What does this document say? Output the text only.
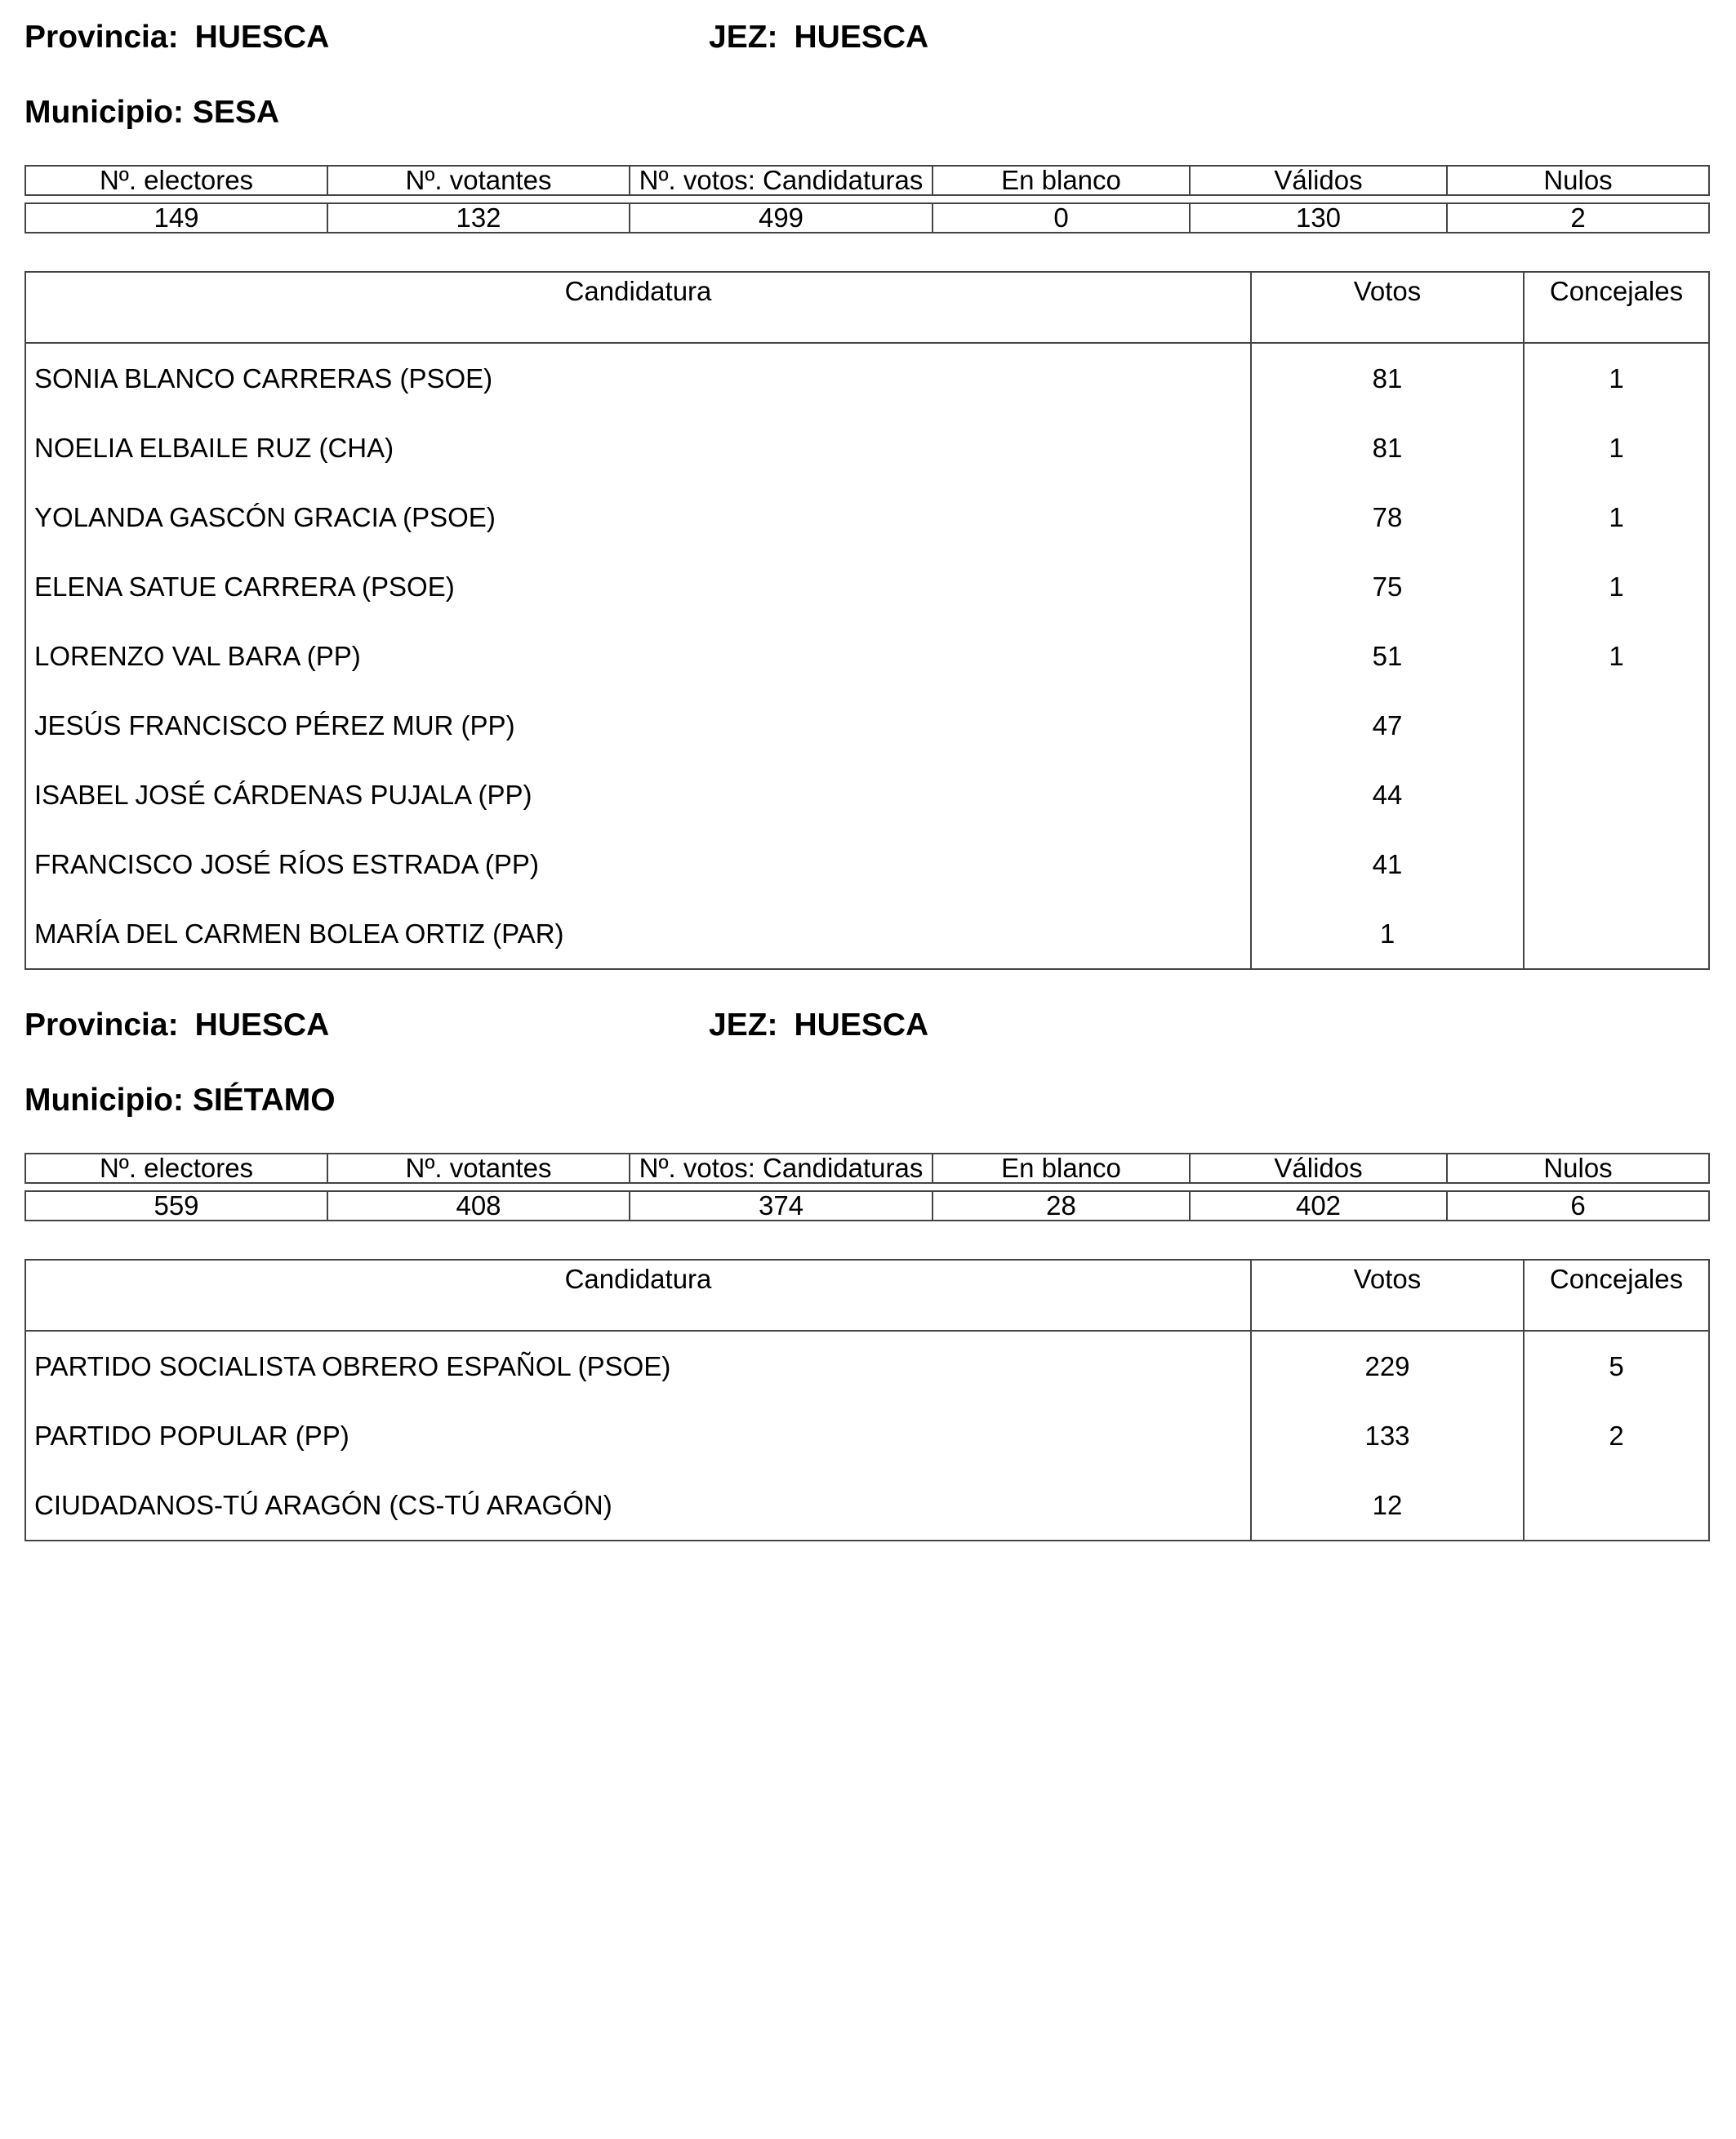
Provincia: HUESCA	JEZ: HUESCA
Municipio: SESA
Nº. electores	Nº. votantes	Nº. votos: Candidaturas	En blanco	Válidos	Nulos

149	132	499	0	130	2
Candidatura	Votos	Concejales
SONIA BLANCO CARRERAS (PSOE)	81	1
NOELIA ELBAILE RUZ (CHA)	81	1
YOLANDA GASCÓN GRACIA (PSOE)	78	1
ELENA SATUE CARRERA (PSOE)	75	1
LORENZO VAL BARA (PP)	51	1
JESÚS FRANCISCO PÉREZ MUR (PP)	47	
ISABEL JOSÉ CÁRDENAS PUJALA (PP)	44	
FRANCISCO JOSÉ RÍOS ESTRADA (PP)	41	
MARÍA DEL CARMEN BOLEA ORTIZ (PAR)	1	
Provincia: HUESCA	JEZ: HUESCA
Municipio: SIÉTAMO
Nº. electores	Nº. votantes	Nº. votos: Candidaturas	En blanco	Válidos	Nulos

559	408	374	28	402	6
Candidatura	Votos	Concejales
PARTIDO SOCIALISTA OBRERO ESPAÑOL (PSOE)	229	5
PARTIDO POPULAR (PP)	133	2
CIUDADANOS-TÚ ARAGÓN (CS-TÚ ARAGÓN)	12	
